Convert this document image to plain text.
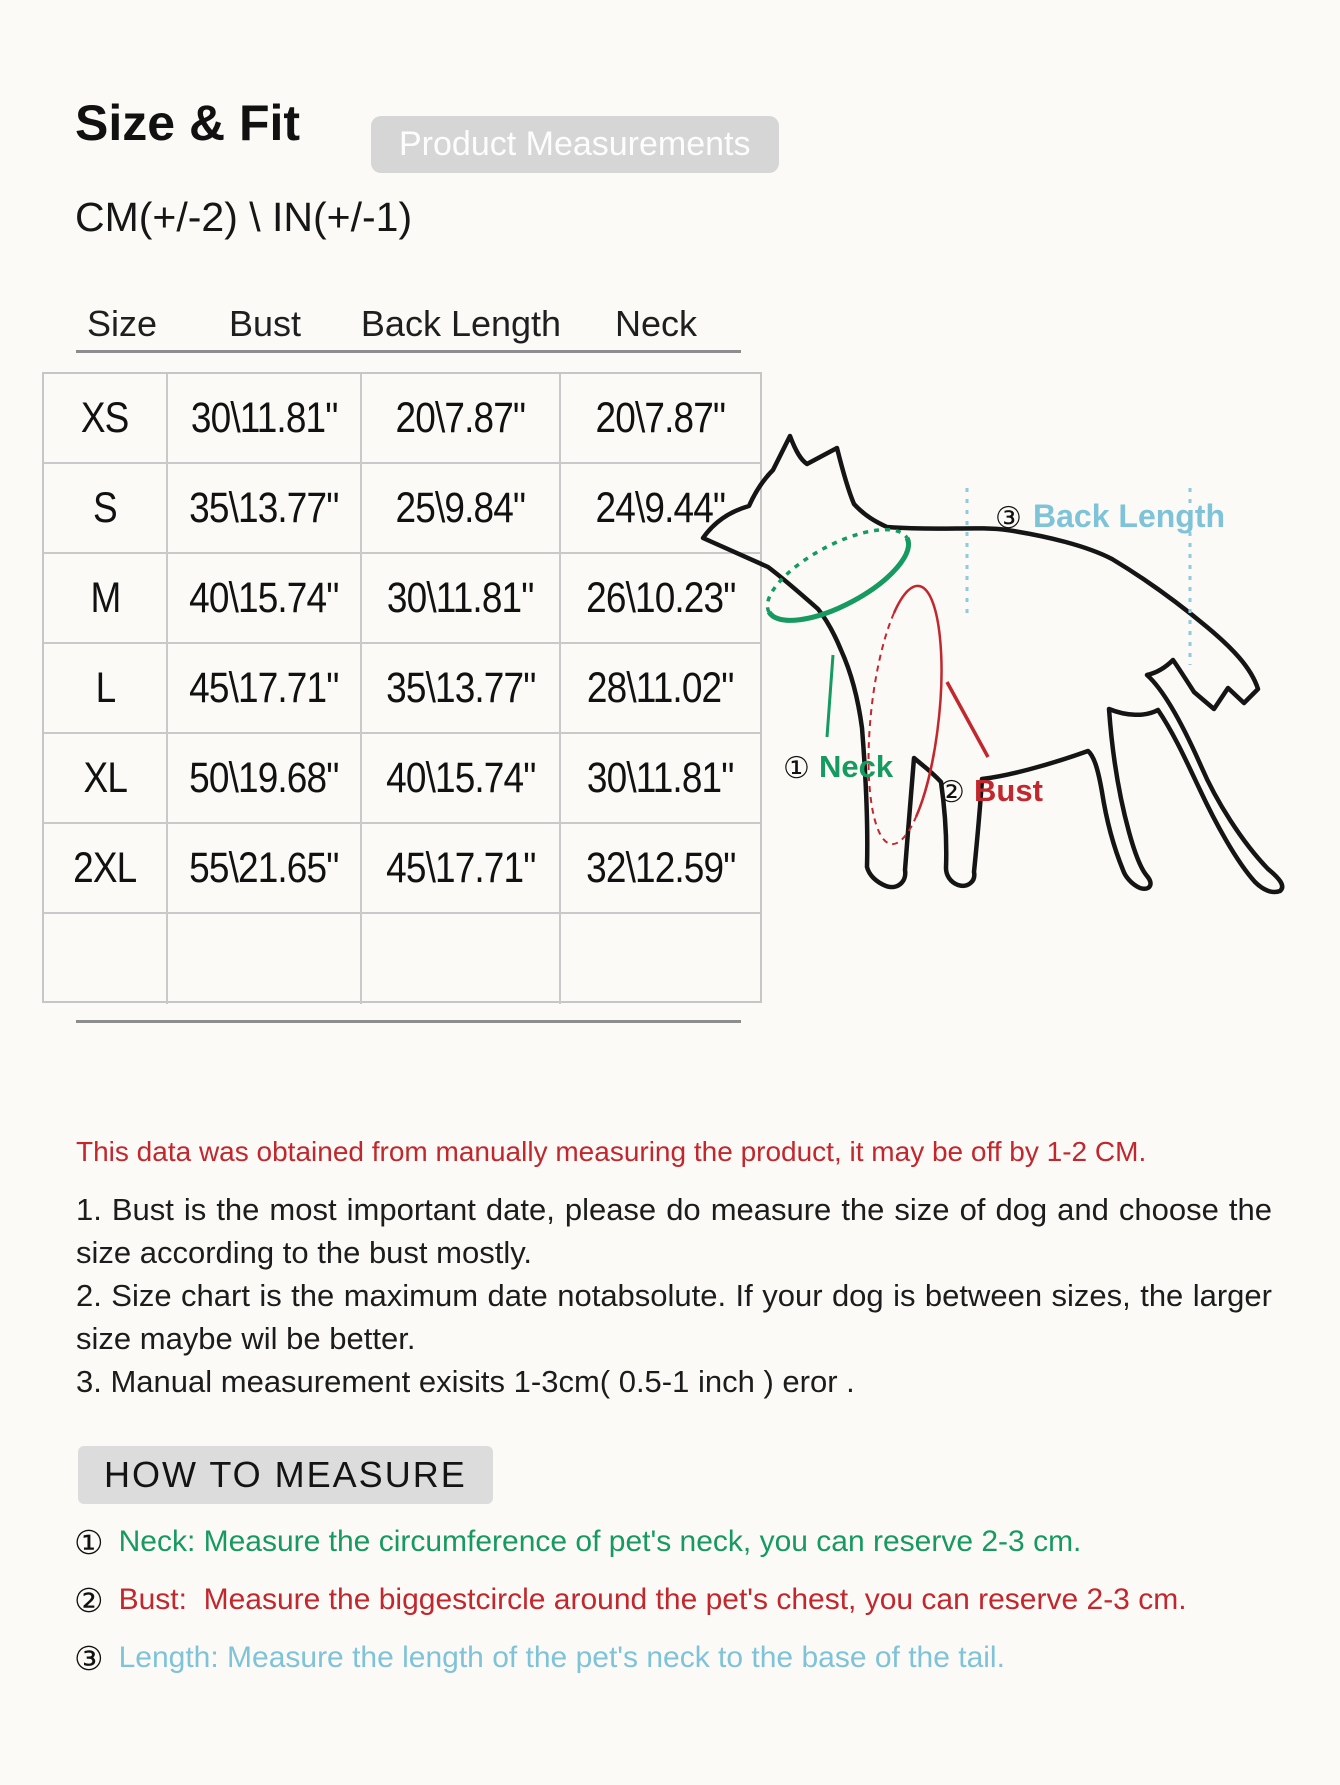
Size & Fit	Product Measurements
CM(+/-2) \ IN(+/-1)
Size	Bust Back Length Neck
XS 30\11.81" 20\7.87" 20\7.87"
S 35\13.77" 25\9.84" 24\9.44"
M 40\15.74" 30\11.81" 26\10.23"
L 45\17.71" 35\13.77" 28\11.02"
XL 50\19.68" 40\15.74" 30\11.81"
2XL 55\21.65" 45\17.71" 32\12.59"
③ Back Length
① Neck
② Bust
This data was obtained from manually measuring the product, it may be off by 1-2 CM.
1. Bust is the most important date, please do measure the size of dog and choose the
size according to the bust mostly.
2. Size chart is the maximum date notabsolute. If your dog is between sizes, the larger
size maybe wil be better.
3. Manual measurement exisits 1-3cm( 0.5-1 inch ) eror .
HOW TO MEASURE
① Neck: Measure the circumference of pet's neck, you can reserve 2-3 cm.
② Bust:  Measure the biggestcircle around the pet's chest, you can reserve 2-3 cm.
③ Length: Measure the length of the pet's neck to the base of the tail.
